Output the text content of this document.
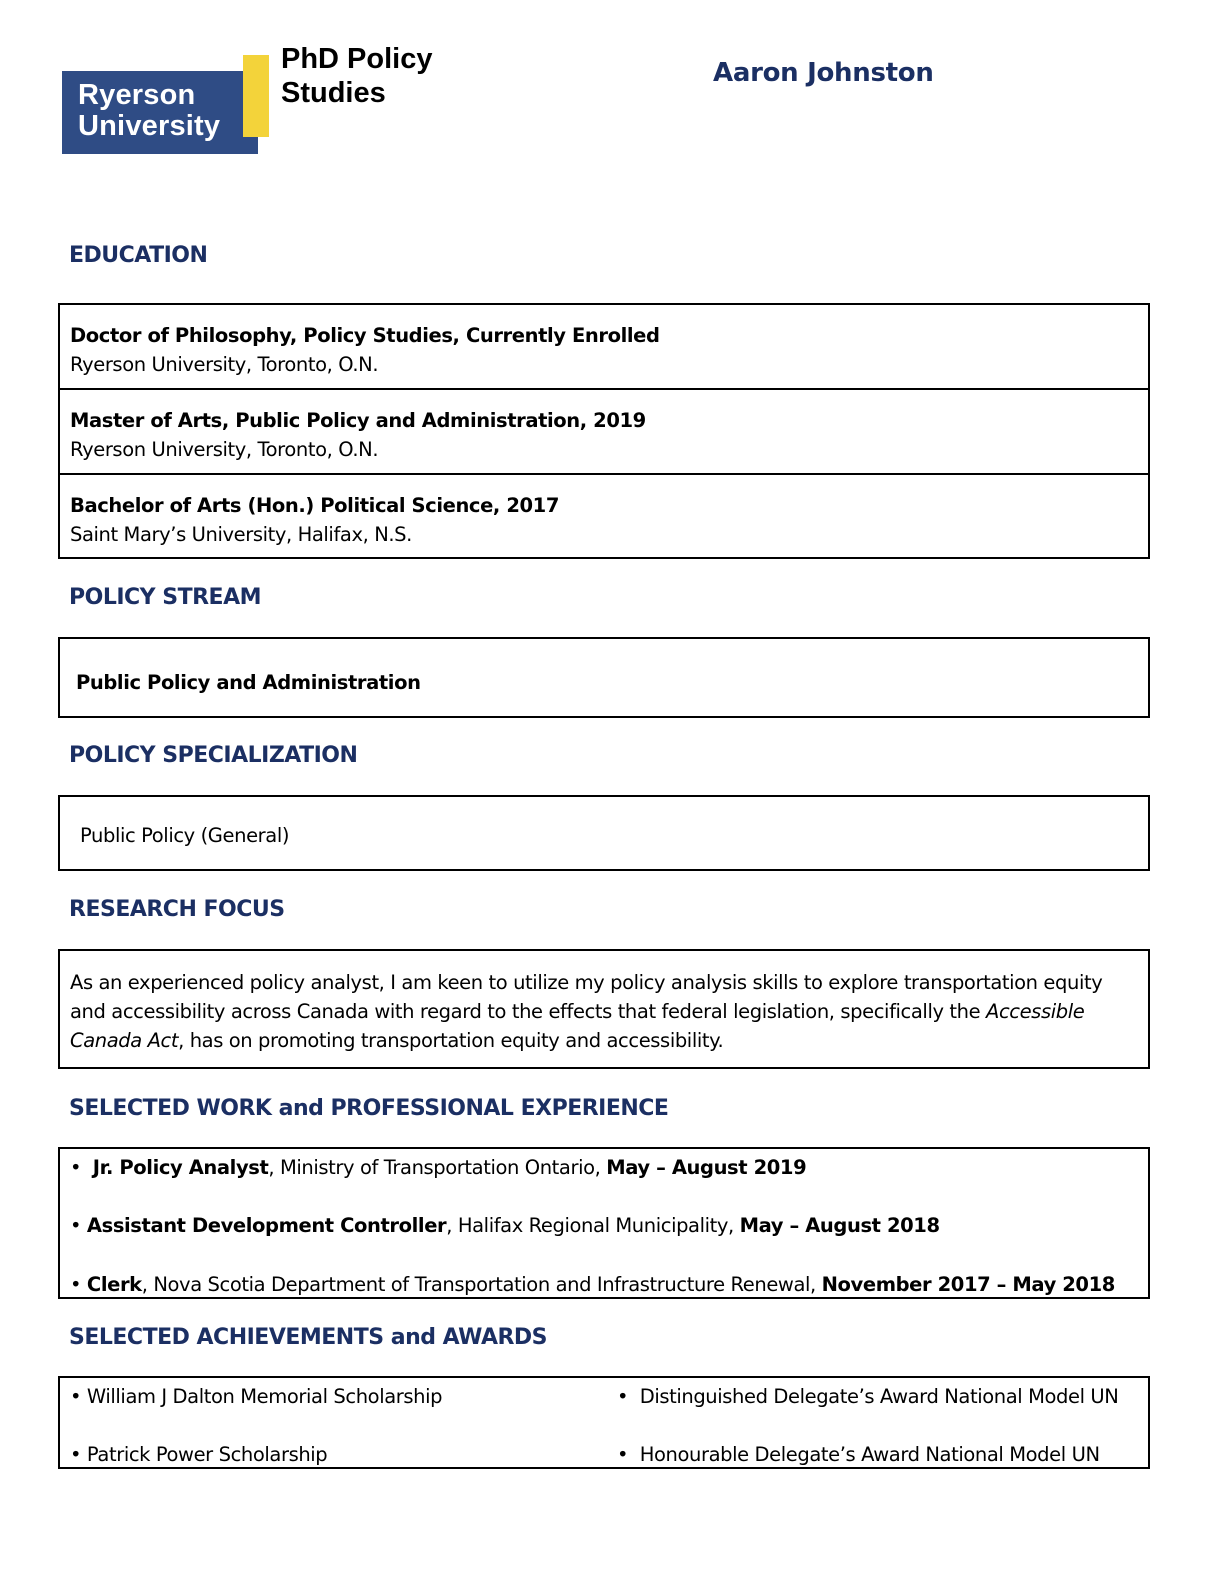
Ryerson
University
PhD Policy
Studies
Aaron Johnston
EDUCATION
Doctor of Philosophy, Policy Studies, Currently Enrolled
Ryerson University, Toronto, O.N.
Master of Arts, Public Policy and Administration, 2019
Ryerson University, Toronto, O.N.
Bachelor of Arts (Hon.) Political Science, 2017
Saint Mary’s University, Halifax, N.S.
POLICY STREAM
Public Policy and Administration
POLICY SPECIALIZATION
Public Policy (General)
RESEARCH FOCUS
As an experienced policy analyst, I am keen to utilize my policy analysis skills to explore transportation equity and accessibility across Canada with regard to the effects that federal legislation, specifically the Accessible Canada Act, has on promoting transportation equity and accessibility.
SELECTED WORK and PROFESSIONAL EXPERIENCE
• Jr. Policy Analyst, Ministry of Transportation Ontario, May – August 2019
• Assistant Development Controller, Halifax Regional Municipality, May – August 2018
• Clerk, Nova Scotia Department of Transportation and Infrastructure Renewal, November 2017 – May 2018
SELECTED ACHIEVEMENTS and AWARDS
• William J Dalton Memorial Scholarship	• Distinguished Delegate’s Award National Model UN
• Patrick Power Scholarship	• Honourable Delegate’s Award National Model UN
